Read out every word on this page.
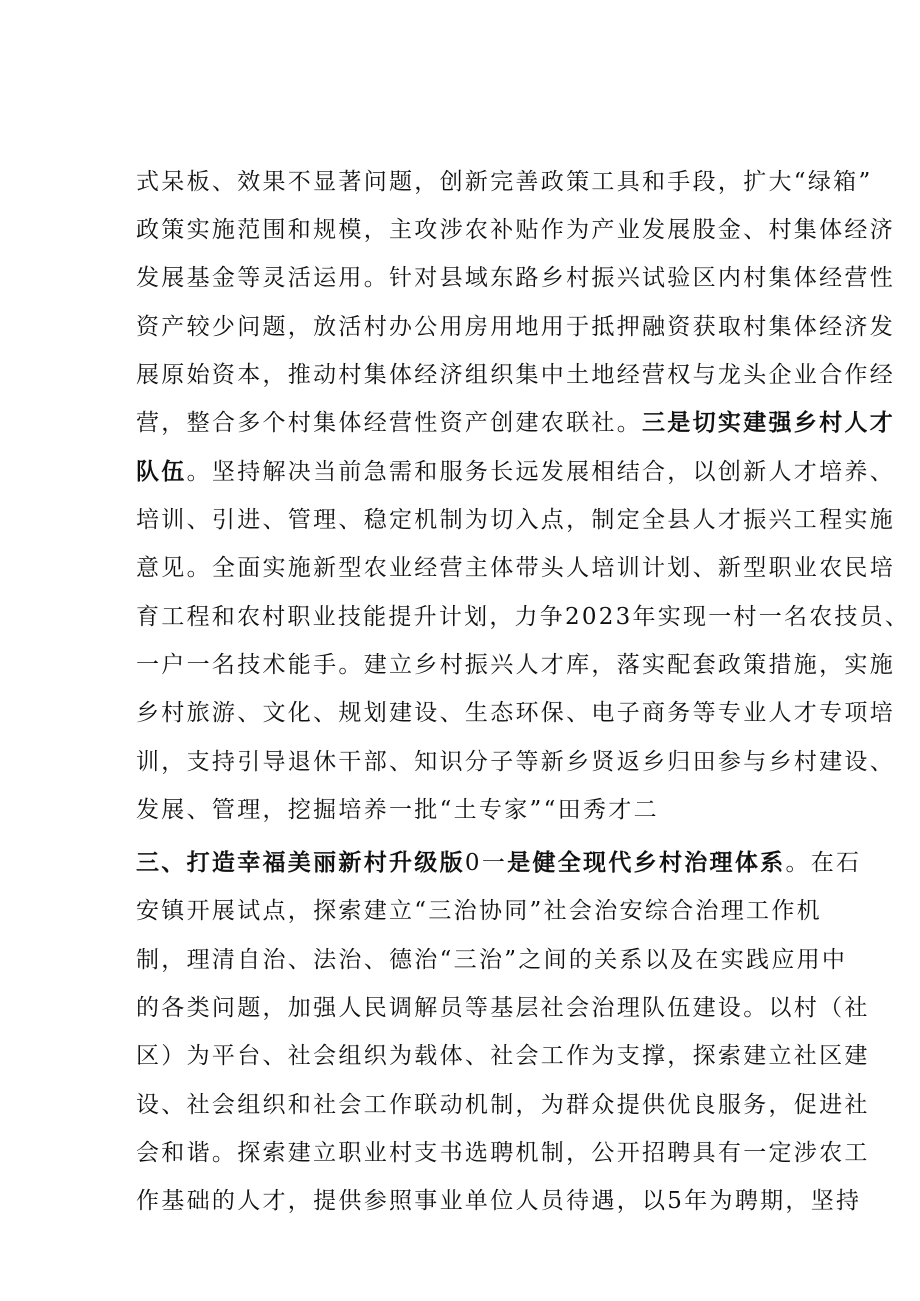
式呆板、效果不显著问题，创新完善政策工具和手段，扩大“绿箱”
政策实施范围和规模，主攻涉农补贴作为产业发展股金、村集体经济
发展基金等灵活运用。针对县域东路乡村振兴试验区内村集体经营性
资产较少问题，放活村办公用房用地用于抵押融资获取村集体经济发
展原始资本，推动村集体经济组织集中土地经营权与龙头企业合作经
营，整合多个村集体经营性资产创建农联社。三是切实建强乡村人才
队伍。坚持解决当前急需和服务长远发展相结合，以创新人才培养、
培训、引进、管理、稳定机制为切入点，制定全县人才振兴工程实施
意见。全面实施新型农业经营主体带头人培训计划、新型职业农民培
育工程和农村职业技能提升计划，力争2023年实现一村一名农技员、
一户一名技术能手。建立乡村振兴人才库，落实配套政策措施，实施
乡村旅游、文化、规划建设、生态环保、电子商务等专业人才专项培
训，支持引导退休干部、知识分子等新乡贤返乡归田参与乡村建设、
发展、管理，挖掘培养一批“土专家”“田秀才二
三、打造幸福美丽新村升级版0一是健全现代乡村治理体系。在石
安镇开展试点，探索建立“三治协同”社会治安综合治理工作机
制，理清自治、法治、德治“三治”之间的关系以及在实践应用中
的各类问题，加强人民调解员等基层社会治理队伍建设。以村（社
区）为平台、社会组织为载体、社会工作为支撑，探索建立社区建
设、社会组织和社会工作联动机制，为群众提供优良服务，促进社
会和谐。探索建立职业村支书选聘机制，公开招聘具有一定涉农工
作基础的人才，提供参照事业单位人员待遇，以5年为聘期，坚持
